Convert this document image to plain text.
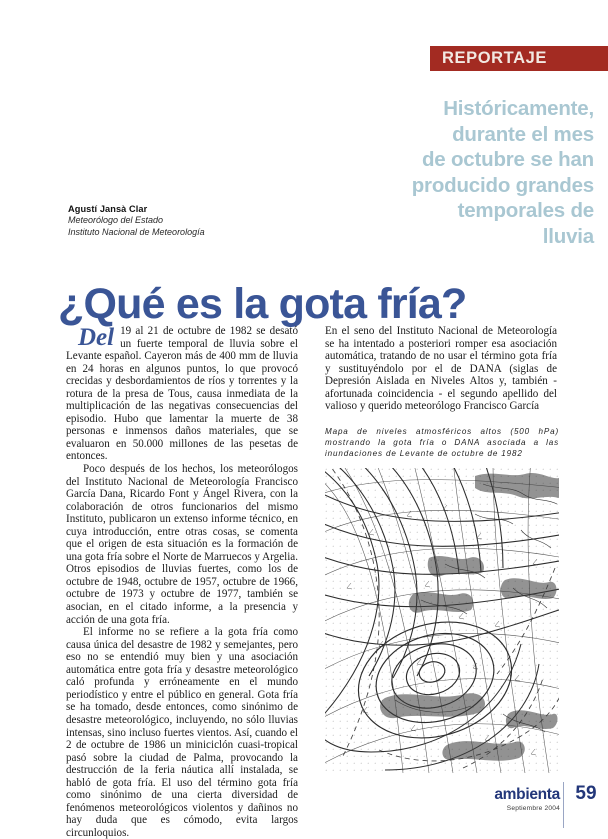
REPORTAJE
Históricamente,
durante el mes
de octubre se han
producido grandes
temporales de
lluvia
Agustí Jansà Clar
Meteorólogo del Estado
Instituto Nacional de Meteorología
¿Qué es la gota fría?

Del 19 al 21 de octubre de 1982 se desató un fuerte temporal de lluvia sobre el Levante español. Cayeron más de 400 mm de lluvia en 24 horas en algunos puntos, lo que provocó crecidas y desbordamientos de ríos y torrentes y la rotura de la presa de Tous, causa inmediata de la multiplicación de las negativas consecuencias del episodio. Hubo que lamentar la muerte de 38 personas e inmensos daños materiales, que se evaluaron en 50.000 millones de las pesetas de entonces.

Poco después de los hechos, los meteorólogos del Instituto Nacional de Meteorología Francisco García Dana, Ricardo Font y Ángel Rivera, con la colaboración de otros funcionarios del mismo Instituto, publicaron un extenso informe técnico, en cuya introducción, entre otras cosas, se comenta que el origen de esta situación es la formación de una gota fría sobre el Norte de Marruecos y Argelia. Otros episodios de lluvias fuertes, como los de octubre de 1948, octubre de 1957, octubre de 1966, octubre de 1973 y octubre de 1977, también se asocian, en el citado informe, a la presencia y acción de una gota fría.

El informe no se refiere a la gota fría como causa única del desastre de 1982 y semejantes, pero eso no se entendió muy bien y una asociación automática entre gota fría y desastre meteorológico caló profunda y erróneamente en el mundo periodístico y entre el público en general. Gota fría se ha tomado, desde entonces, como sinónimo de desastre meteorológico, incluyendo, no sólo lluvias intensas, sino incluso fuertes vientos. Así, cuando el 2 de octubre de 1986 un miniciclón cuasi-tropical pasó sobre la ciudad de Palma, provocando la destrucción de la feria náutica allí instalada, se habló de gota fría. El uso del término gota fría como sinónimo de una cierta diversidad de fenómenos meteorológicos violentos y dañinos no hay duda que es cómodo, evita largos circunloquios.

En el seno del Instituto Nacional de Meteorología se ha intentado a posteriori romper esa asociación automática, tratando de no usar el término gota fría y sustituyéndolo por el de DANA (siglas de Depresión Aislada en Niveles Altos y, también - afortunada coincidencia - el segundo apellido del valioso y querido meteorólogo Francisco García

Mapa de niveles atmosféricos altos (500 hPa) mostrando la gota fría o DANA asociada a las inundaciones de Levante de octubre de 1982
ambienta
Septiembre 2004
59
